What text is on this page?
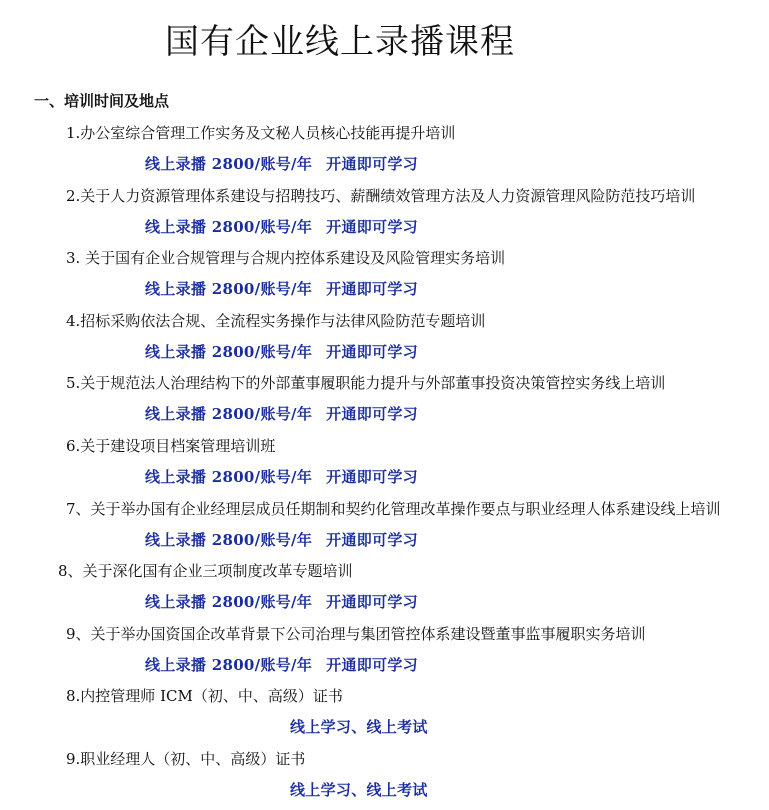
国有企业线上录播课程
一、培训时间及地点
1.办公室综合管理工作实务及文秘人员核心技能再提升培训
线上录播 2800/账号/年 开通即可学习
2.关于人力资源管理体系建设与招聘技巧、薪酬绩效管理方法及人力资源管理风险防范技巧培训
线上录播 2800/账号/年 开通即可学习
3. 关于国有企业合规管理与合规内控体系建设及风险管理实务培训
线上录播 2800/账号/年 开通即可学习
4.招标采购依法合规、全流程实务操作与法律风险防范专题培训
线上录播 2800/账号/年 开通即可学习
5.关于规范法人治理结构下的外部董事履职能力提升与外部董事投资决策管控实务线上培训
线上录播 2800/账号/年 开通即可学习
6.关于建设项目档案管理培训班
线上录播 2800/账号/年 开通即可学习
7、关于举办国有企业经理层成员任期制和契约化管理改革操作要点与职业经理人体系建设线上培训
线上录播 2800/账号/年 开通即可学习
8、关于深化国有企业三项制度改革专题培训
线上录播 2800/账号/年 开通即可学习
9、关于举办国资国企改革背景下公司治理与集团管控体系建设暨董事监事履职实务培训
线上录播 2800/账号/年 开通即可学习
8.内控管理师 ICM（初、中、高级）证书
线上学习、线上考试
9.职业经理人（初、中、高级）证书
线上学习、线上考试
